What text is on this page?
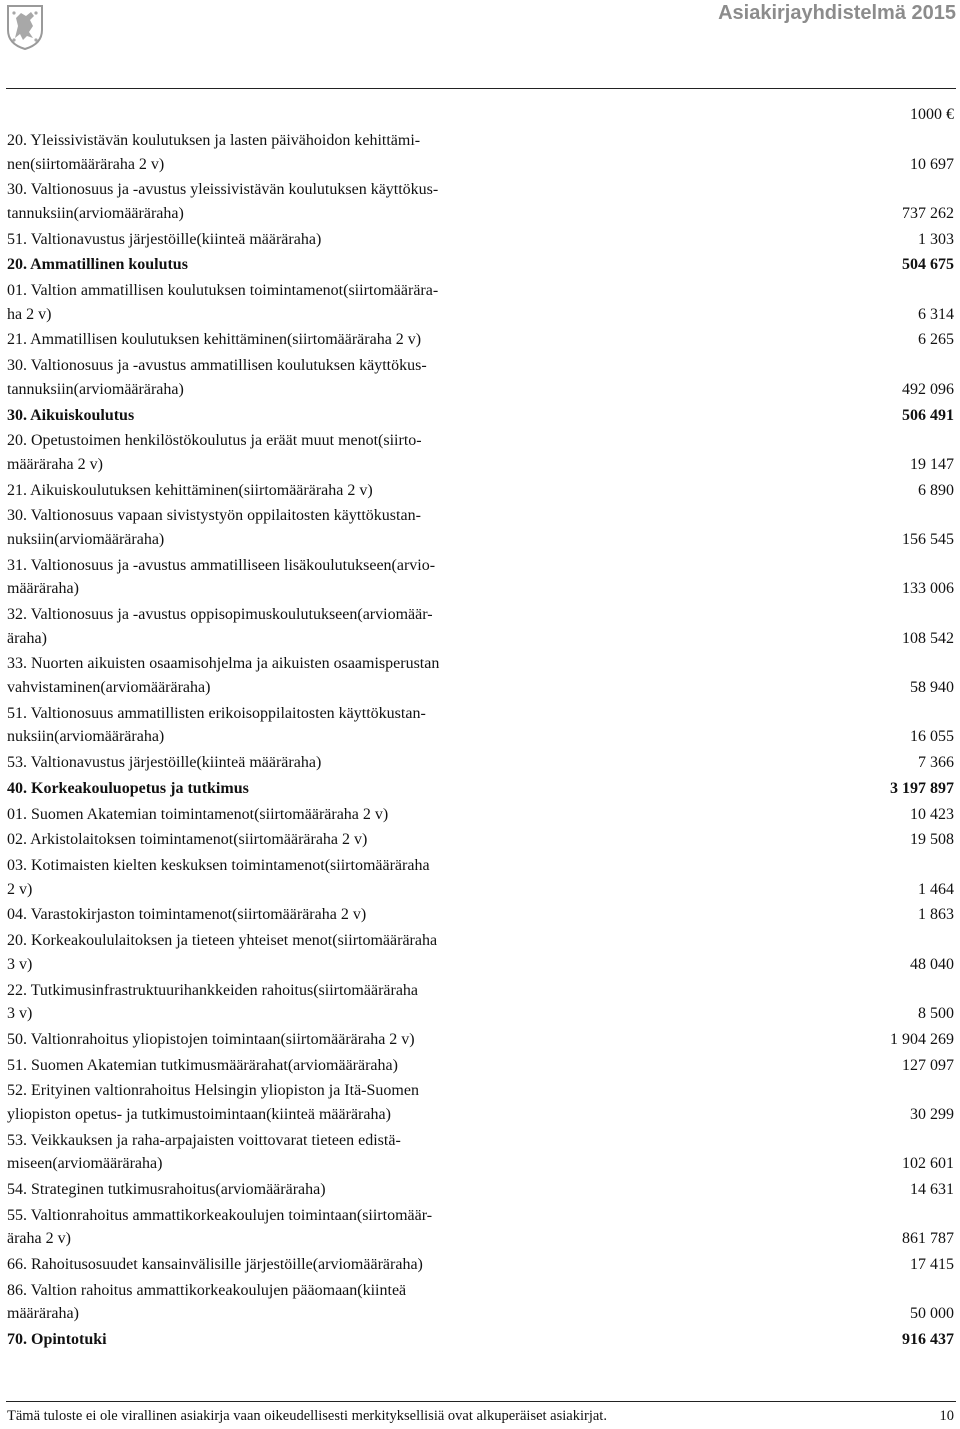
Asiakirjayhdistelmä 2015
1000 €
20. Yleissivistävän koulutuksen ja lasten päivähoidon kehittämi-
nen(siirtomääräraha 2 v)	10 697
30. Valtionosuus ja -avustus yleissivistävän koulutuksen käyttökus-
tannuksiin(arviomääräraha)	737 262
51. Valtionavustus järjestöille(kiinteä määräraha)	1 303
20. Ammatillinen koulutus	504 675
01. Valtion ammatillisen koulutuksen toimintamenot(siirtomäärära-
ha 2 v)	6 314
21. Ammatillisen koulutuksen kehittäminen(siirtomääräraha 2 v)	6 265
30. Valtionosuus ja -avustus ammatillisen koulutuksen käyttökus-
tannuksiin(arviomääräraha)	492 096
30. Aikuiskoulutus	506 491
20. Opetustoimen henkilöstökoulutus ja eräät muut menot(siirto-
määräraha 2 v)	19 147
21. Aikuiskoulutuksen kehittäminen(siirtomääräraha 2 v)	6 890
30. Valtionosuus vapaan sivistystyön oppilaitosten käyttökustan-
nuksiin(arviomääräraha)	156 545
31. Valtionosuus ja -avustus ammatilliseen lisäkoulutukseen(arvio-
määräraha)	133 006
32. Valtionosuus ja -avustus oppisopimuskoulutukseen(arviomäär-
äraha)	108 542
33. Nuorten aikuisten osaamisohjelma ja aikuisten osaamisperustan
vahvistaminen(arviomääräraha)	58 940
51. Valtionosuus ammatillisten erikoisoppilaitosten käyttökustan-
nuksiin(arviomääräraha)	16 055
53. Valtionavustus järjestöille(kiinteä määräraha)	7 366
40. Korkeakouluopetus ja tutkimus	3 197 897
01. Suomen Akatemian toimintamenot(siirtomääräraha 2 v)	10 423
02. Arkistolaitoksen toimintamenot(siirtomääräraha 2 v)	19 508
03. Kotimaisten kielten keskuksen toimintamenot(siirtomääräraha
2 v)	1 464
04. Varastokirjaston toimintamenot(siirtomääräraha 2 v)	1 863
20. Korkeakoululaitoksen ja tieteen yhteiset menot(siirtomääräraha
3 v)	48 040
22. Tutkimusinfrastruktuurihankkeiden rahoitus(siirtomääräraha
3 v)	8 500
50. Valtionrahoitus yliopistojen toimintaan(siirtomääräraha 2 v)	1 904 269
51. Suomen Akatemian tutkimusmäärärahat(arviomääräraha)	127 097
52. Erityinen valtionrahoitus Helsingin yliopiston ja Itä-Suomen
yliopiston opetus- ja tutkimustoimintaan(kiinteä määräraha)	30 299
53. Veikkauksen ja raha-arpajaisten voittovarat tieteen edistä-
miseen(arviomääräraha)	102 601
54. Strateginen tutkimusrahoitus(arviomääräraha)	14 631
55. Valtionrahoitus ammattikorkeakoulujen toimintaan(siirtomäär-
äraha 2 v)	861 787
66. Rahoitusosuudet kansainvälisille järjestöille(arviomääräraha)	17 415
86. Valtion rahoitus ammattikorkeakoulujen pääomaan(kiinteä
määräraha)	50 000
70. Opintotuki	916 437
Tämä tuloste ei ole virallinen asiakirja vaan oikeudellisesti merkityksellisiä ovat alkuperäiset asiakirjat.	10
